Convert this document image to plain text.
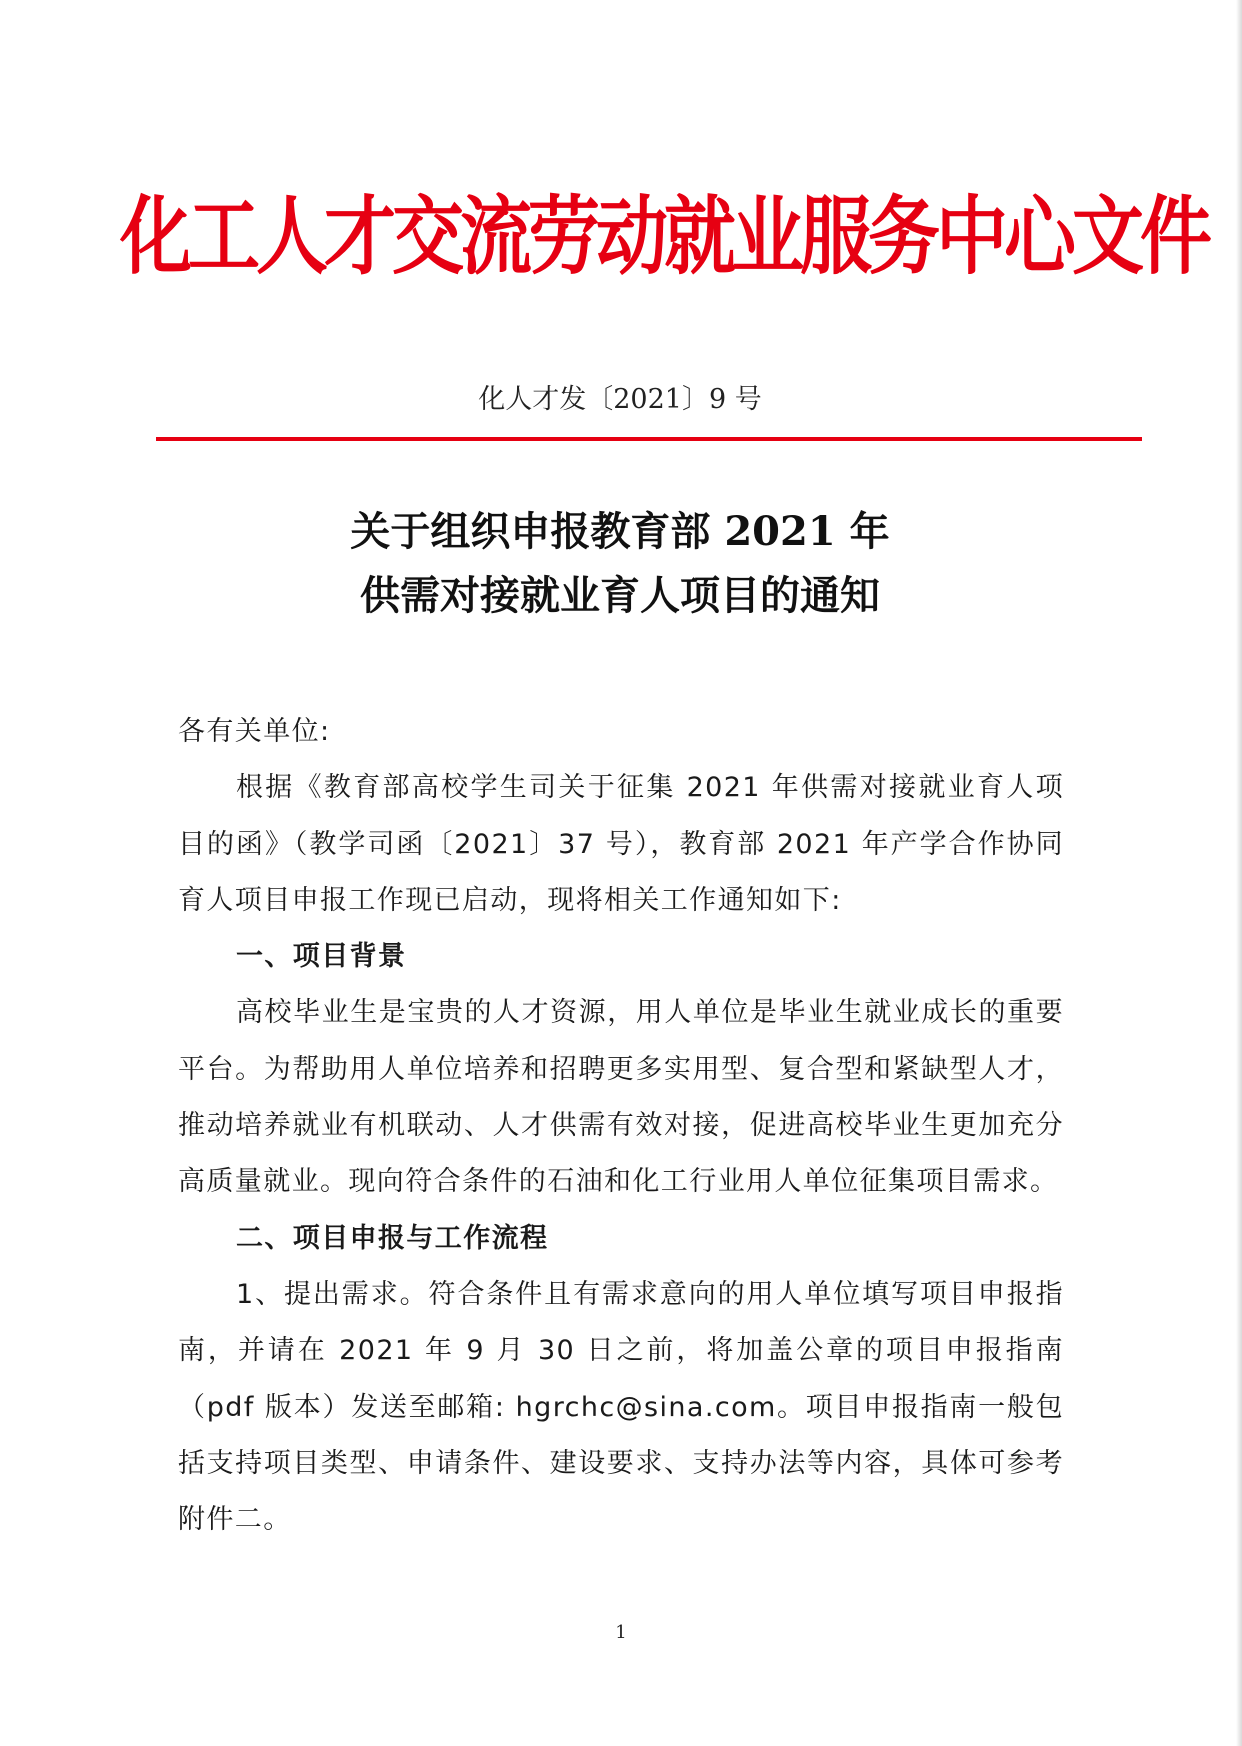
化工人才交流劳动就业服务中心文件
化人才发〔2021〕9 号
关于组织申报教育部 2021 年
供需对接就业育人项目的通知

各有关单位:

根据《教育部高校学生司关于征集 2021 年供需对接就业育人项目的函》（教学司函〔2021〕37 号），教育部 2021 年产学合作协同育人项目申报工作现已启动，现将相关工作通知如下:

一、项目背景

高校毕业生是宝贵的人才资源，用人单位是毕业生就业成长的重要平台。为帮助用人单位培养和招聘更多实用型、复合型和紧缺型人才，推动培养就业有机联动、人才供需有效对接，促进高校毕业生更加充分高质量就业。现向符合条件的石油和化工行业用人单位征集项目需求。

二、项目申报与工作流程

1、提出需求。符合条件且有需求意向的用人单位填写项目申报指南，并请在 2021 年 9 月 30 日之前，将加盖公章的项目申报指南（pdf 版本）发送至邮箱: hgrchc@sina.com。项目申报指南一般包括支持项目类型、申请条件、建设要求、支持办法等内容，具体可参考附件二。

1
